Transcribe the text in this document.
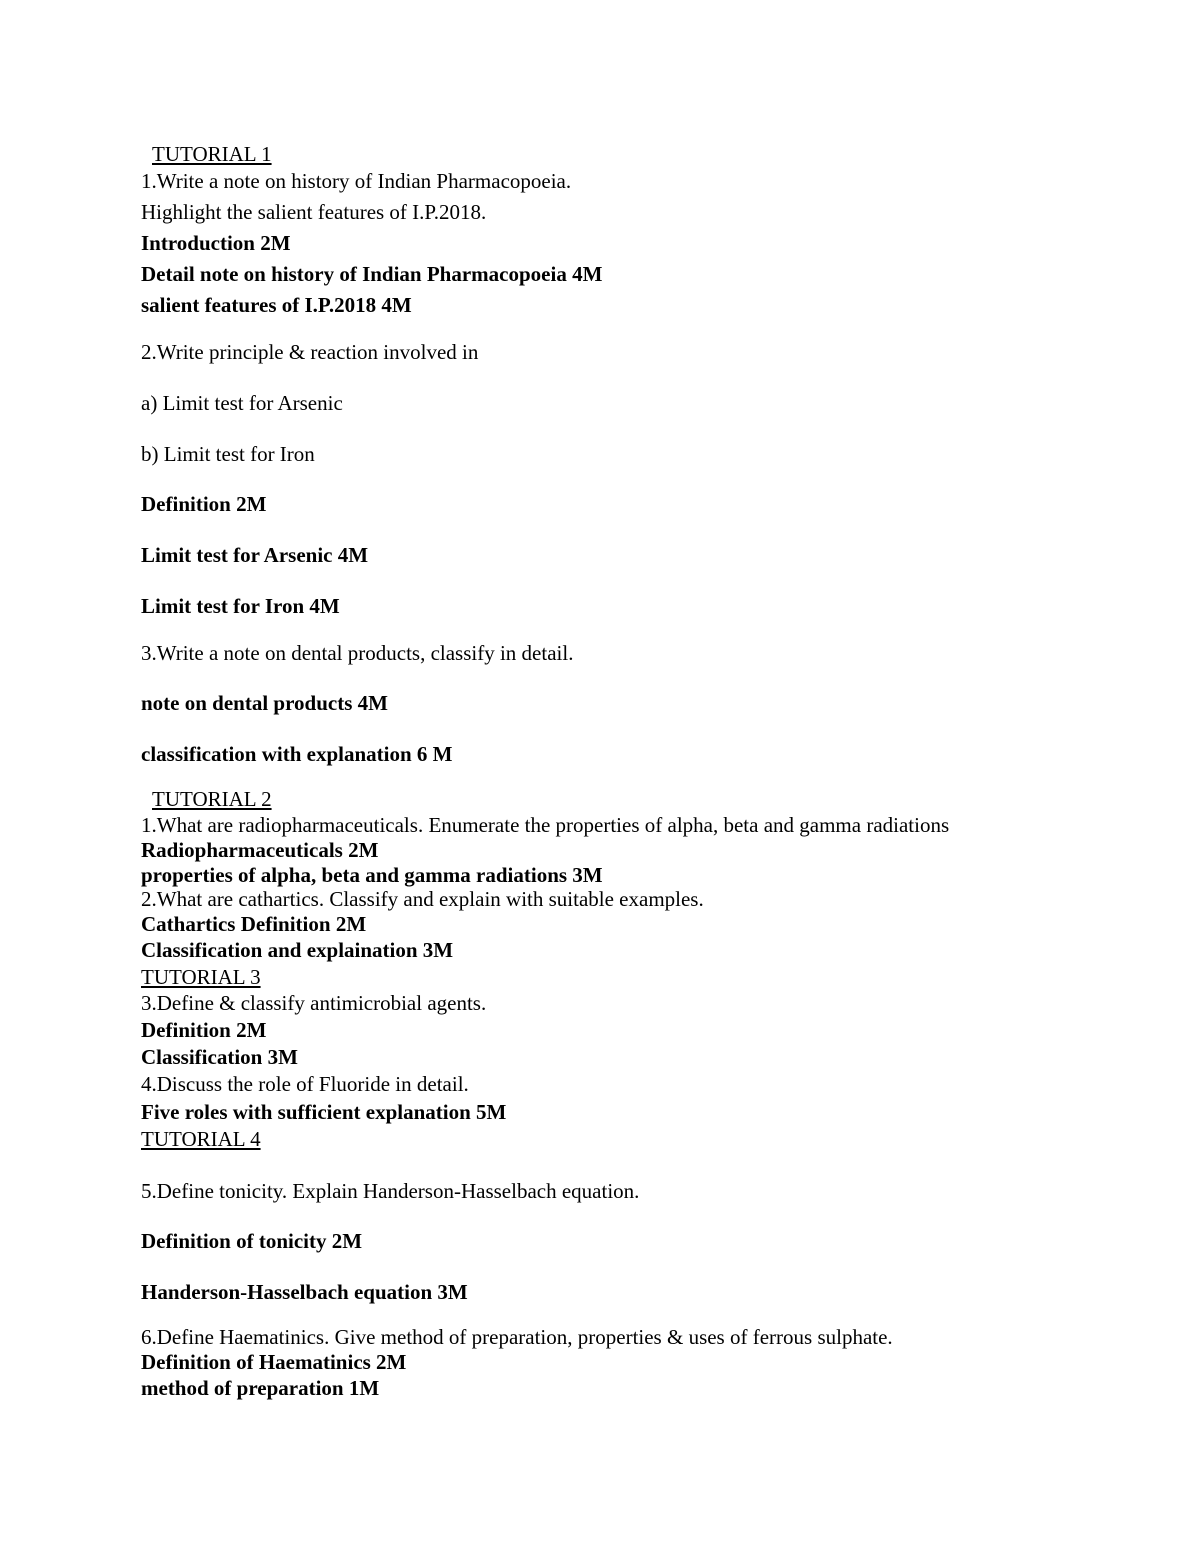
TUTORIAL 1
1.Write a note on history of Indian Pharmacopoeia.
Highlight the salient features of I.P.2018.
Introduction 2M
Detail note on history of Indian Pharmacopoeia 4M
salient features of I.P.2018 4M
2.Write principle & reaction involved in
a) Limit test for Arsenic
b) Limit test for Iron
Definition 2M
Limit test for Arsenic 4M
Limit test for Iron 4M
3.Write a note on dental products, classify in detail.
note on dental products 4M
classification with explanation 6 M
TUTORIAL 2
1.What are radiopharmaceuticals. Enumerate the properties of alpha, beta and gamma radiations
Radiopharmaceuticals 2M
properties of alpha, beta and gamma radiations 3M
2.What are cathartics. Classify and explain with suitable examples.
Cathartics Definition 2M
Classification and explaination 3M
TUTORIAL 3
3.Define & classify antimicrobial agents.
Definition 2M
Classification 3M
4.Discuss the role of Fluoride in detail.
Five roles with sufficient explanation 5M
TUTORIAL 4
5.Define tonicity. Explain Handerson-Hasselbach equation.
Definition of tonicity 2M
Handerson-Hasselbach equation 3M
6.Define Haematinics. Give method of preparation, properties & uses of ferrous sulphate.
Definition of Haematinics 2M
method of preparation 1M
